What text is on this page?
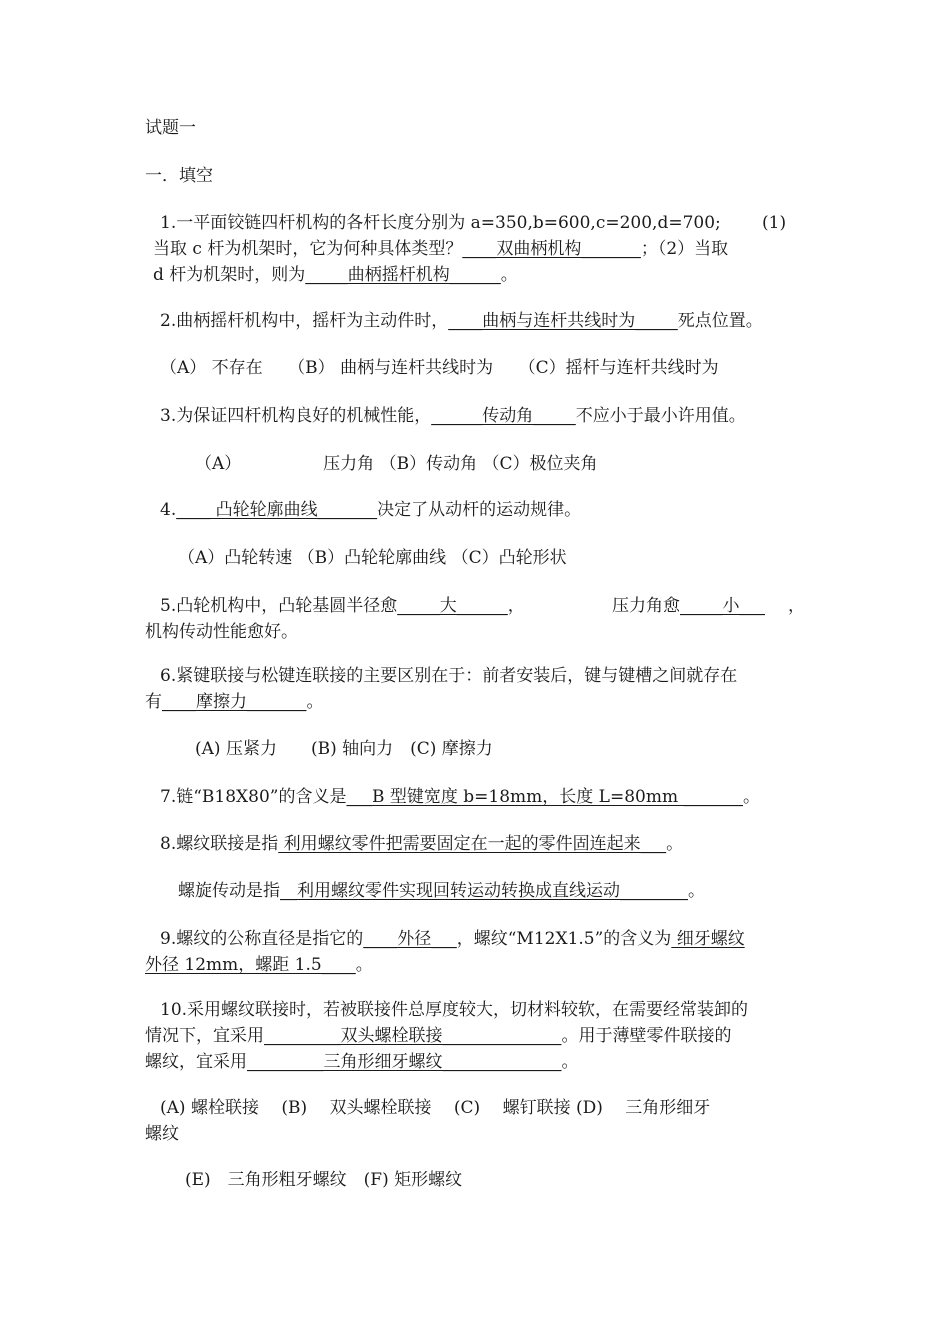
试题一
一．填空
1.一平面铰链四杆机构的各杆长度分别为 a=350,b=600,c=200,d=700; (1)
当取 c 杆为机架时，它为何种具体类型？____双曲柄机构_______；（2）当取
d 杆为机架时，则为_____曲柄摇杆机构______。
2.曲柄摇杆机构中，摇杆为主动件时，____曲柄与连杆共线时为_____死点位置。
（A） 不存在　　（B） 曲柄与连杆共线时为　　（C）摇杆与连杆共线时为
3.为保证四杆机构良好的机械性能，______传动角_____不应小于最小许用值。
（A）　　　　　 压力角 （B）传动角 （C）极位夹角
4.____ 凸轮轮廓曲线_______决定了从动杆的运动规律。
（A）凸轮转速 （B）凸轮轮廓曲线 （C）凸轮形状
5.凸轮机构中，凸轮基圆半径愈_____大______，	压力角愈_____小___ ，
机构传动性能愈好。
6.紧键联接与松键连联接的主要区别在于：前者安装后，键与键槽之间就存在
有____摩擦力_______。
(A) 压紧力　　(B) 轴向力　(C) 摩擦力
7.链“B18X80”的含义是___B 型键宽度 b=18mm，长度 L=80mm _______。
8.螺纹联接是指 利用螺纹零件把需要固定在一起的零件固连起来___。
螺旋传动是指__利用螺纹零件实现回转运动转换成直线运动________。
9.螺纹的公称直径是指它的____外径___，螺纹“M12X1.5”的含义为 细牙螺纹
外径 12mm，螺距 1.5____。
10.采用螺纹联接时，若被联接件总厚度较大，切材料较软，在需要经常装卸的
情况下，宜采用_________双头螺栓联接______________。用于薄壁零件联接的
螺纹，宜采用_________三角形细牙螺纹______________。
(A) 螺栓联接　 (B)　 双头螺栓联接　 (C)　 螺钉联接 (D)　 三角形细牙
螺纹
(E)　三角形粗牙螺纹　(F) 矩形螺纹
